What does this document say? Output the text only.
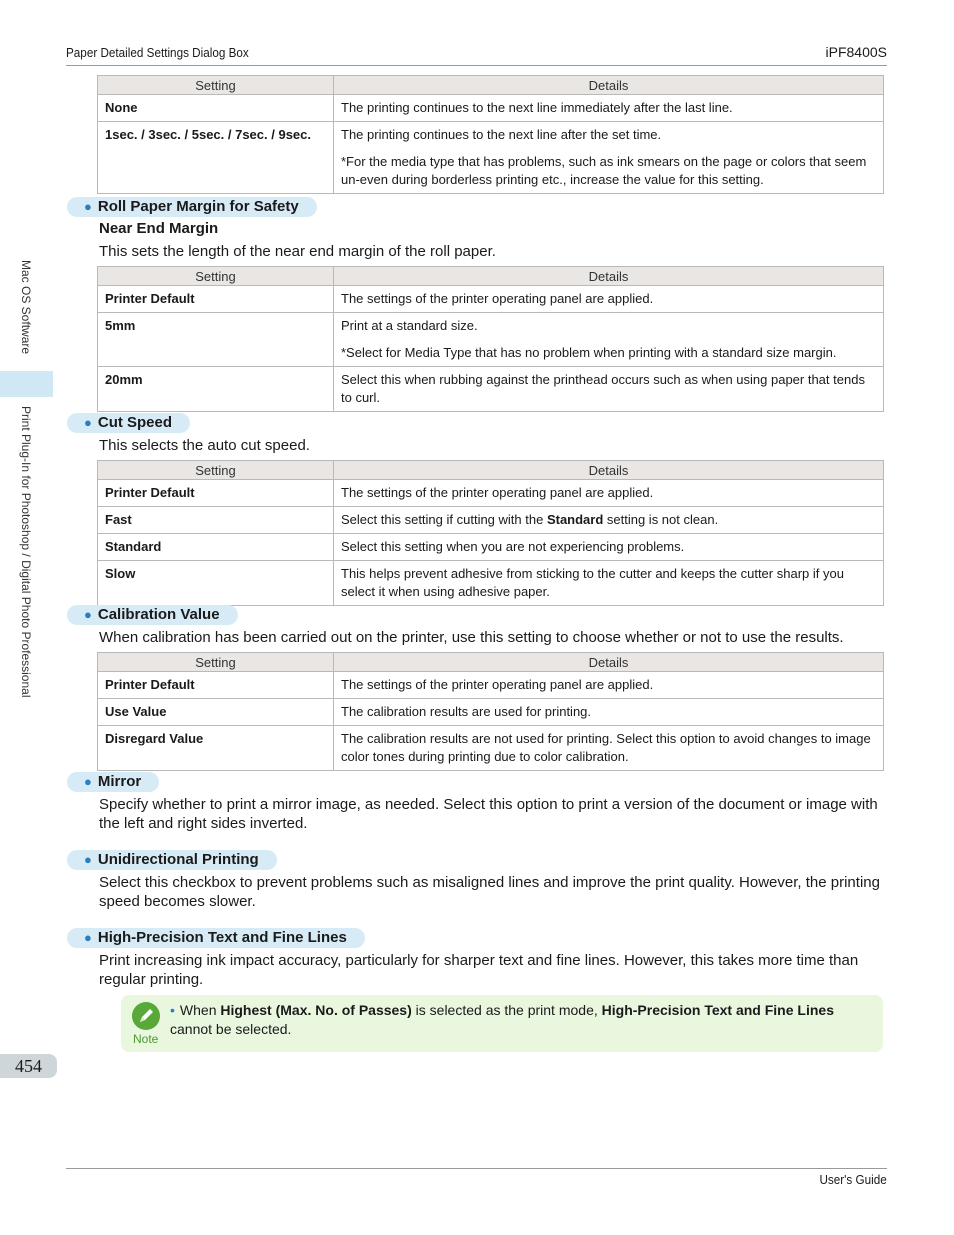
Paper Detailed Settings Dialog Box	iPF8400S
User's Guide
Mac OS Software
Print Plug-In for Photoshop / Digital Photo Professional
454
Setting	Details
None	The printing continues to the next line immediately after the last line.

1sec. / 3sec. / 5sec. / 7sec. / 9sec.	The printing continues to the next line after the set time.

*For the media type that has problems, such as ink smears on the page or colors that seem un-even during borderless printing etc., increase the value for this setting.

● Roll Paper Margin for Safety
Near End Margin
This sets the length of the near end margin of the roll paper.
Setting	Details
Printer Default	The settings of the printer operating panel are applied.

5mm	Print at a standard size.

*Select for Media Type that has no problem when printing with a standard size margin.

20mm	Select this when rubbing against the printhead occurs such as when using paper that tends to curl.

● Cut Speed
This selects the auto cut speed.
Setting	Details
Printer Default	The settings of the printer operating panel are applied.

Fast	Select this setting if cutting with the Standard setting is not clean.

Standard	Select this setting when you are not experiencing problems.

Slow	This helps prevent adhesive from sticking to the cutter and keeps the cutter sharp if you select it when using adhesive paper.

● Calibration Value
When calibration has been carried out on the printer, use this setting to choose whether or not to use the results.
Setting	Details
Printer Default	The settings of the printer operating panel are applied.

Use Value	The calibration results are used for printing.

Disregard Value	The calibration results are not used for printing. Select this option to avoid changes to image color tones during printing due to color calibration.

● Mirror
Specify whether to print a mirror image, as needed. Select this option to print a version of the document or image with the left and right sides inverted.
● Unidirectional Printing
Select this checkbox to prevent problems such as misaligned lines and improve the print quality. However, the printing speed becomes slower.
● High-Precision Text and Fine Lines
Print increasing ink impact accuracy, particularly for sharper text and fine lines. However, this takes more time than regular printing.
Note
• When Highest (Max. No. of Passes) is selected as the print mode, High-Precision Text and Fine Lines cannot be selected.
